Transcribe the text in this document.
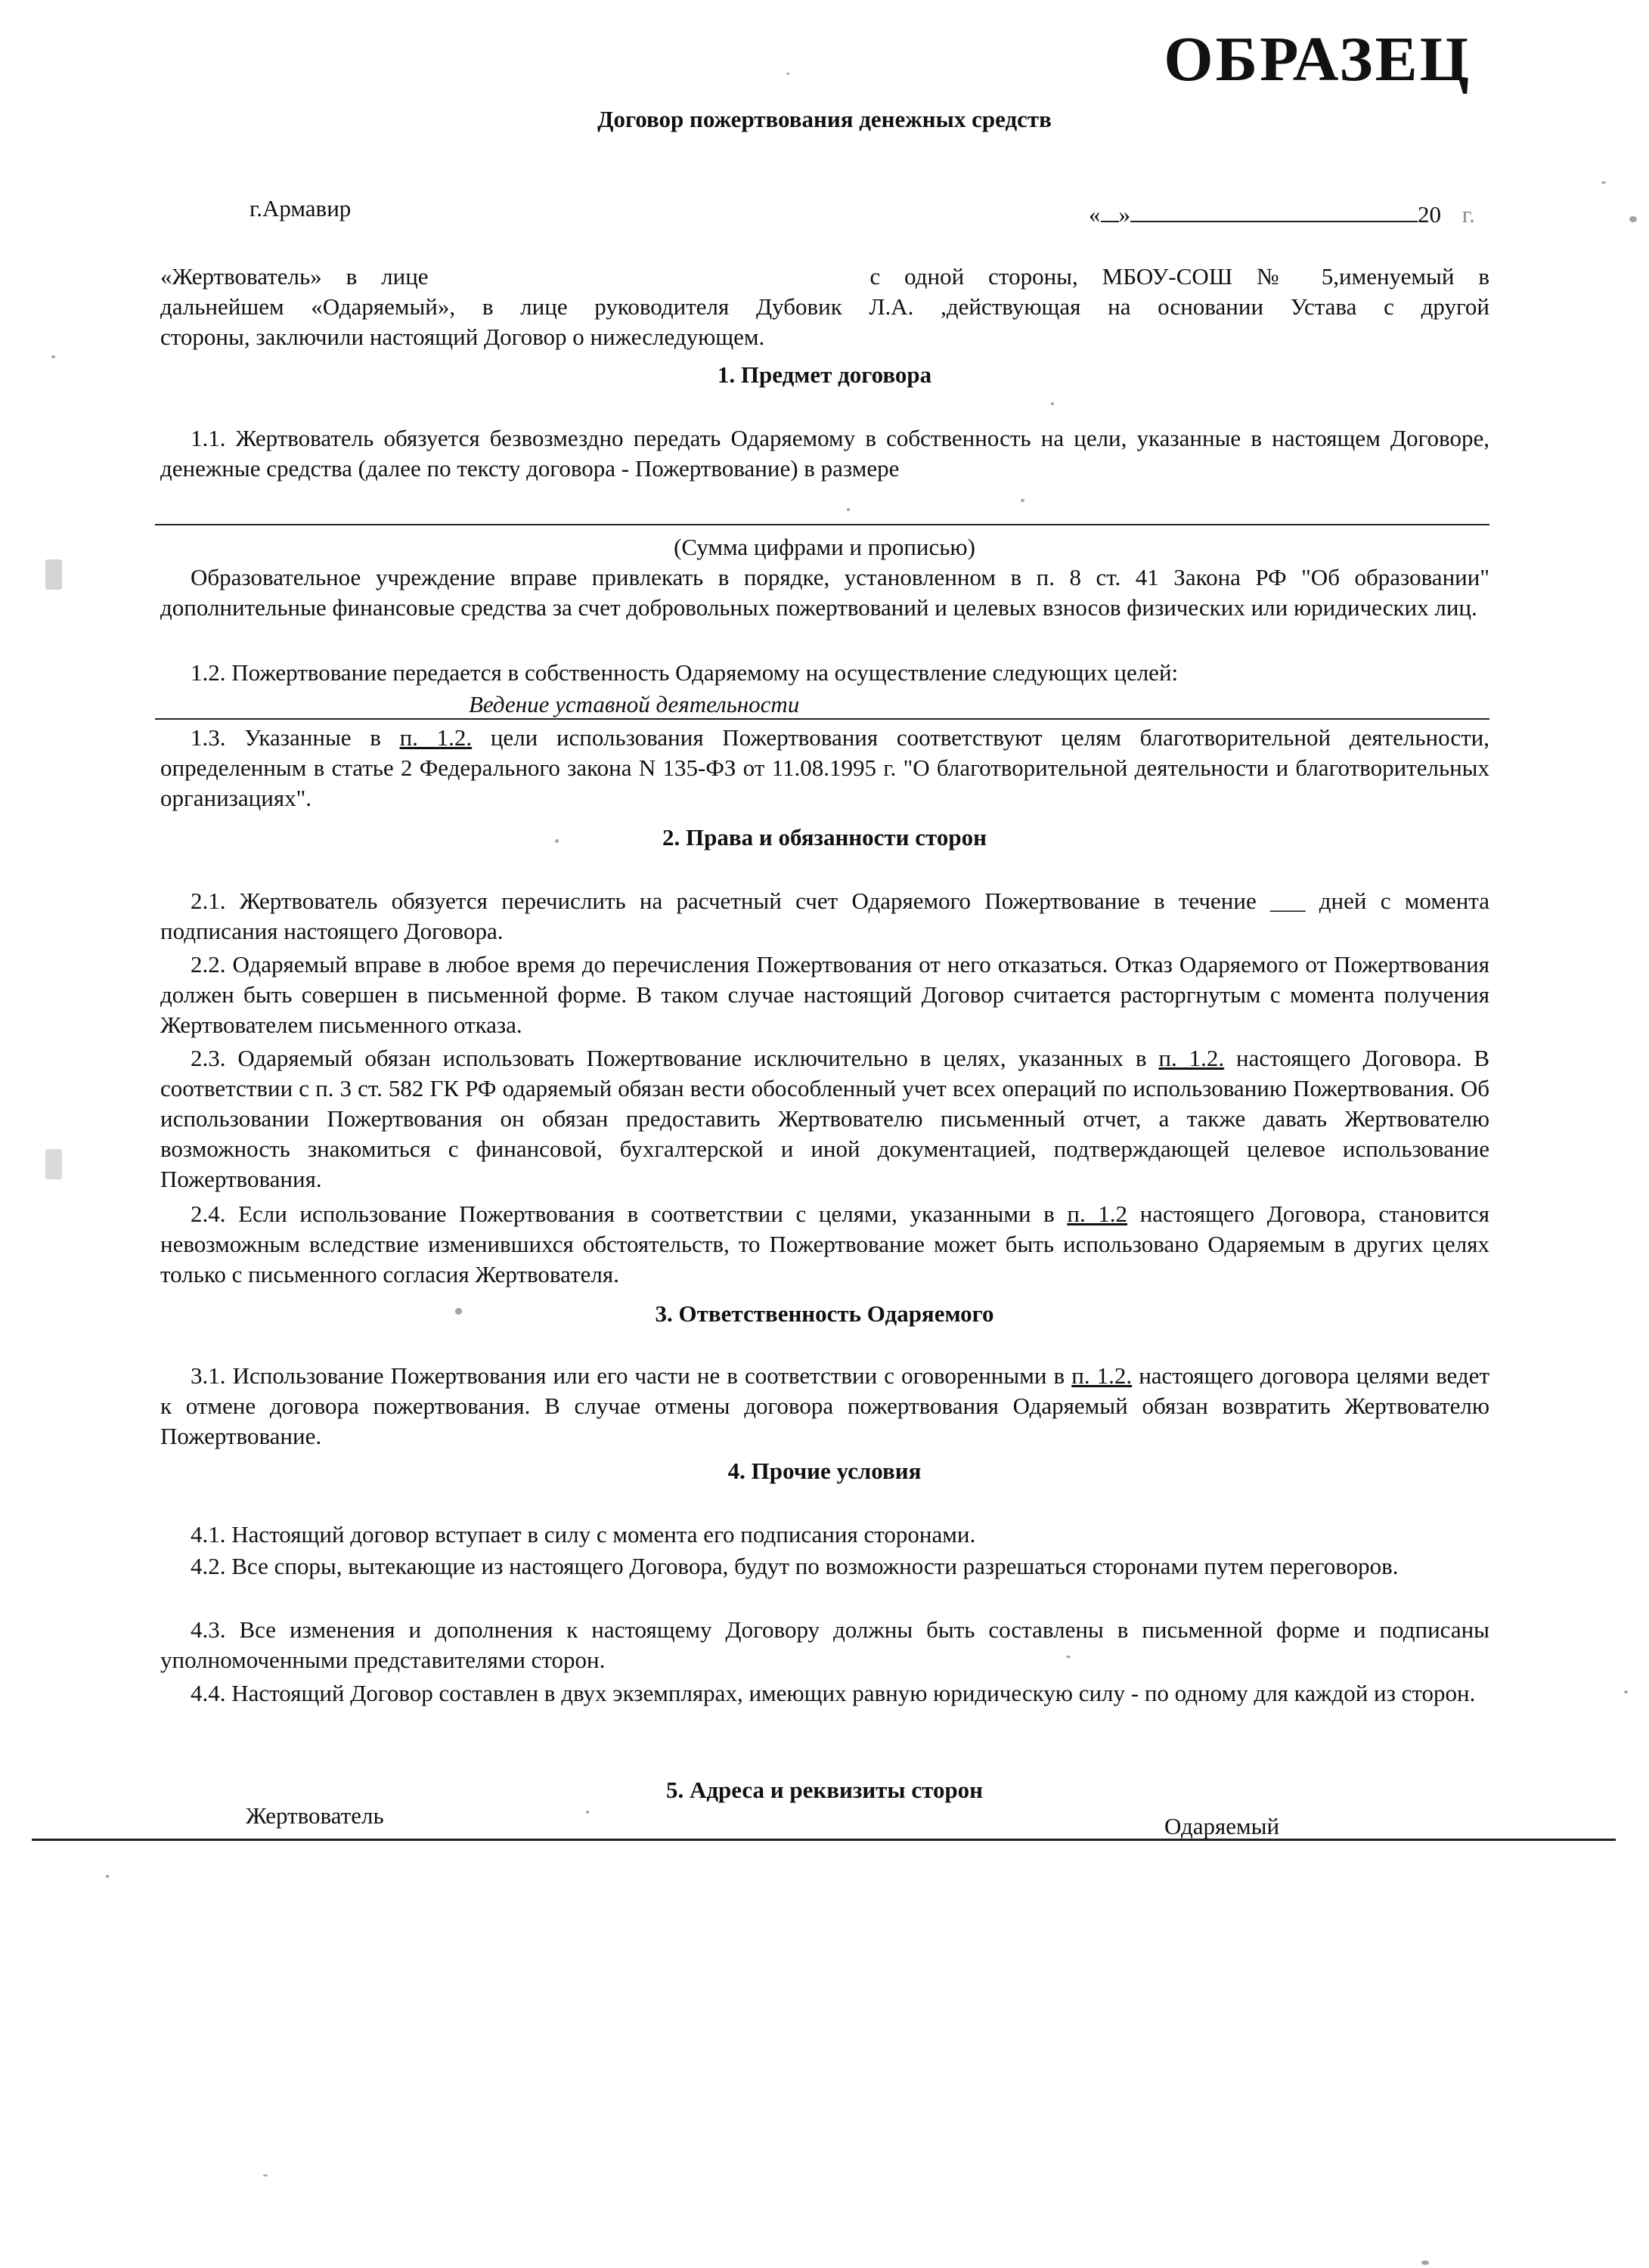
ОБРАЗЕЦ
Договор пожертвования денежных средств
г.Армавир	« »	20 г.

«Жертвователь» в лице	с одной стороны, МБОУ-СОШ № 5,именуемый в

дальнейшем «Одаряемый», в лице руководителя Дубовик Л.А. ,действующая на основании Устава с другой

стороны, заключили настоящий Договор о нижеследующем.

1. Предмет договора

1.1. Жертвователь обязуется безвозмездно передать Одаряемому в собственность на цели, указанные в настоящем Договоре, денежные средства (далее по тексту договора - Пожертвование) в размере

(Сумма цифрами и прописью)

Образовательное учреждение вправе привлекать в порядке, установленном в п. 8 ст. 41 Закона РФ "Об образовании" дополнительные финансовые средства за счет добровольных пожертвований и целевых взносов физических или юридических лиц.

1.2. Пожертвование передается в собственность Одаряемому на осуществление следующих целей:

Ведение уставной деятельности

1.3. Указанные в п. 1.2. цели использования Пожертвования соответствуют целям благотворительной деятельности, определенным в статье 2 Федерального закона N 135-ФЗ от 11.08.1995 г. "О благотворительной деятельности и благотворительных организациях".

2. Права и обязанности сторон

2.1. Жертвователь обязуется перечислить на расчетный счет Одаряемого Пожертвование в течение ___ дней с момента подписания настоящего Договора.

2.2. Одаряемый вправе в любое время до перечисления Пожертвования от него отказаться. Отказ Одаряемого от Пожертвования должен быть совершен в письменной форме. В таком случае настоящий Договор считается расторгнутым с момента получения Жертвователем письменного отказа.

2.3. Одаряемый обязан использовать Пожертвование исключительно в целях, указанных в п. 1.2. настоящего Договора. В соответствии с п. 3 ст. 582 ГК РФ одаряемый обязан вести обособленный учет всех операций по использованию Пожертвования. Об использовании Пожертвования он обязан предоставить Жертвователю письменный отчет, а также давать Жертвователю возможность знакомиться с финансовой, бухгалтерской и иной документацией, подтверждающей целевое использование Пожертвования.

2.4. Если использование Пожертвования в соответствии с целями, указанными в п. 1.2 настоящего Договора, становится невозможным вследствие изменившихся обстоятельств, то Пожертвование может быть использовано Одаряемым в других целях только с письменного согласия Жертвователя.

3. Ответственность Одаряемого

3.1. Использование Пожертвования или его части не в соответствии с оговоренными в п. 1.2. настоящего договора целями ведет к отмене договора пожертвования. В случае отмены договора пожертвования Одаряемый обязан возвратить Жертвователю Пожертвование.

4. Прочие условия

4.1. Настоящий договор вступает в силу с момента его подписания сторонами.

4.2. Все споры, вытекающие из настоящего Договора, будут по возможности разрешаться сторонами путем переговоров.

4.3. Все изменения и дополнения к настоящему Договору должны быть составлены в письменной форме и подписаны уполномоченными представителями сторон.

4.4. Настоящий Договор составлен в двух экземплярах, имеющих равную юридическую силу - по одному для каждой из сторон.

5. Адреса и реквизиты сторон
Жертвователь	Одаряемый
